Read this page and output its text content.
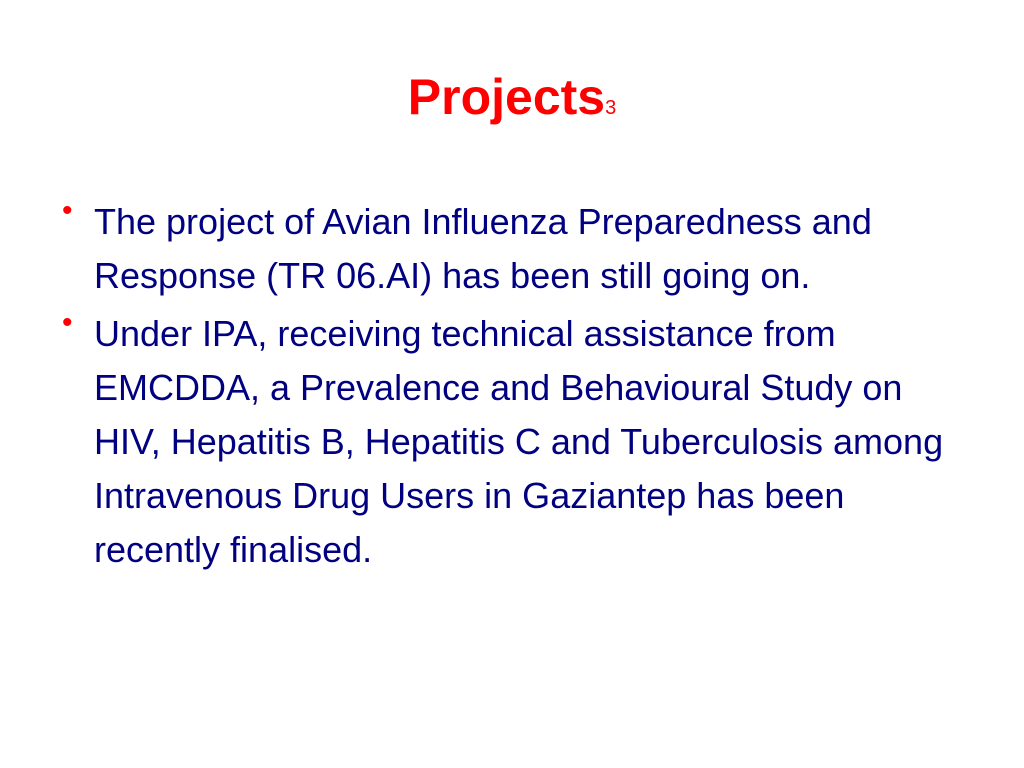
Projects3
• The project of Avian Influenza Preparedness and Response (TR 06.AI) has been still going on.
• Under IPA, receiving technical assistance from EMCDDA, a Prevalence and Behavioural Study on HIV, Hepatitis B, Hepatitis C and Tuberculosis among Intravenous Drug Users in Gaziantep has been recently finalised.
